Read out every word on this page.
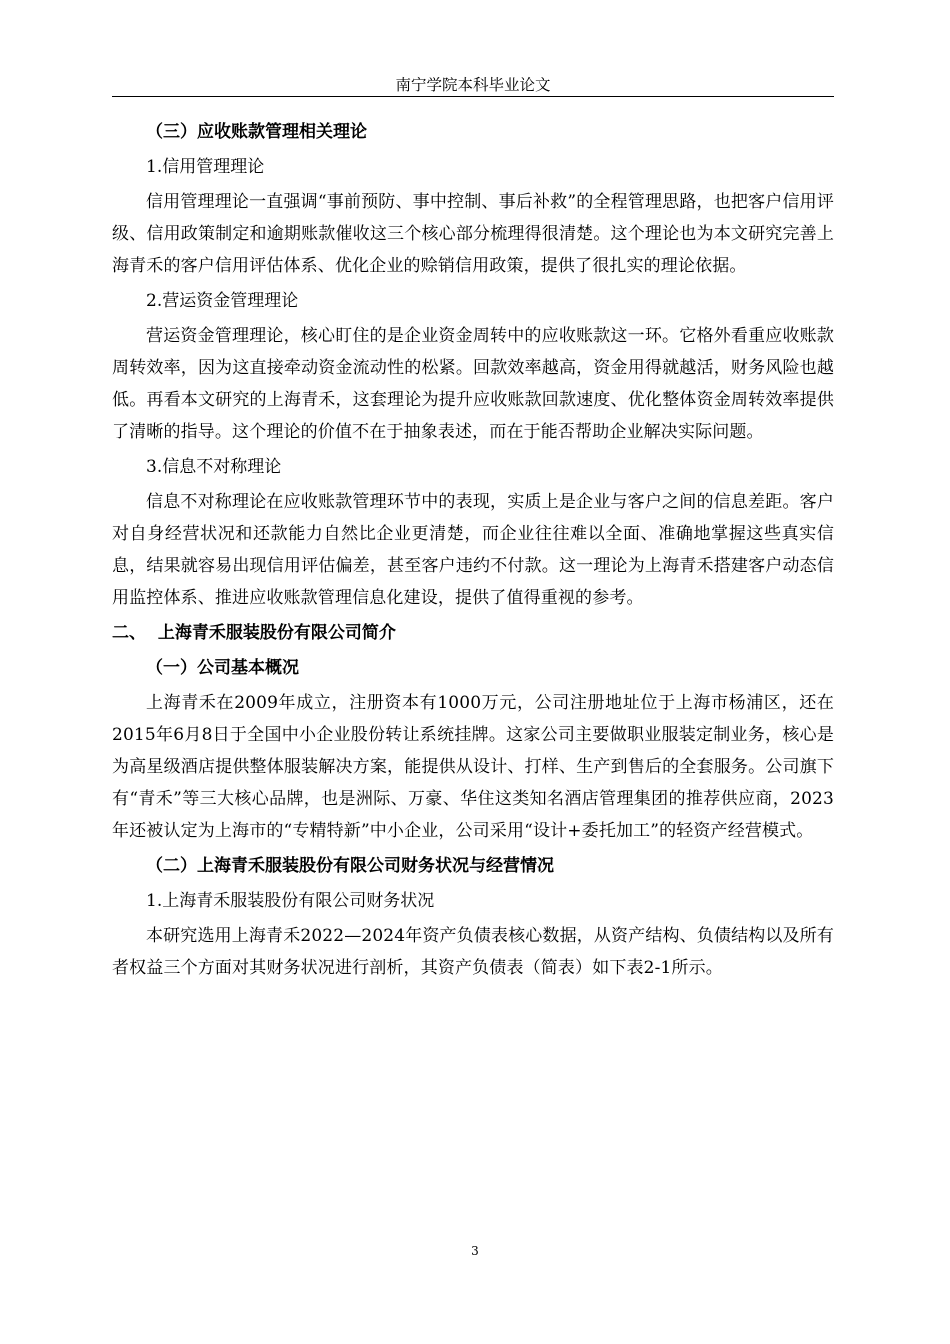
南宁学院本科毕业论文
（三）应收账款管理相关理论
1.信用管理理论

信用管理理论一直强调“事前预防、事中控制、事后补救”的全程管理思路，也把客户信用评级、信用政策制定和逾期账款催收这三个核心部分梳理得很清楚。这个理论也为本文研究完善上海青禾的客户信用评估体系、优化企业的赊销信用政策，提供了很扎实的理论依据。

2.营运资金管理理论

营运资金管理理论，核心盯住的是企业资金周转中的应收账款这一环。它格外看重应收账款周转效率，因为这直接牵动资金流动性的松紧。回款效率越高，资金用得就越活，财务风险也越低。再看本文研究的上海青禾，这套理论为提升应收账款回款速度、优化整体资金周转效率提供了清晰的指导。这个理论的价值不在于抽象表述，而在于能否帮助企业解决实际问题。

3.信息不对称理论

信息不对称理论在应收账款管理环节中的表现，实质上是企业与客户之间的信息差距。客户对自身经营状况和还款能力自然比企业更清楚，而企业往往难以全面、准确地掌握这些真实信息，结果就容易出现信用评估偏差，甚至客户违约不付款。这一理论为上海青禾搭建客户动态信用监控体系、推进应收账款管理信息化建设，提供了值得重视的参考。

二、  上海青禾服装股份有限公司简介
（一）公司基本概况

上海青禾在2009年成立，注册资本有1000万元，公司注册地址位于上海市杨浦区，还在2015年6月8日于全国中小企业股份转让系统挂牌。这家公司主要做职业服装定制业务，核心是为高星级酒店提供整体服装解决方案，能提供从设计、打样、生产到售后的全套服务。公司旗下有“青禾”等三大核心品牌，也是洲际、万豪、华住这类知名酒店管理集团的推荐供应商，2023年还被认定为上海市的“专精特新”中小企业，公司采用“设计+委托加工”的轻资产经营模式。

（二）上海青禾服装股份有限公司财务状况与经营情况
1.上海青禾服装股份有限公司财务状况

本研究选用上海青禾2022—2024年资产负债表核心数据，从资产结构、负债结构以及所有者权益三个方面对其财务状况进行剖析，其资产负债表（简表）如下表2-1所示。

3
